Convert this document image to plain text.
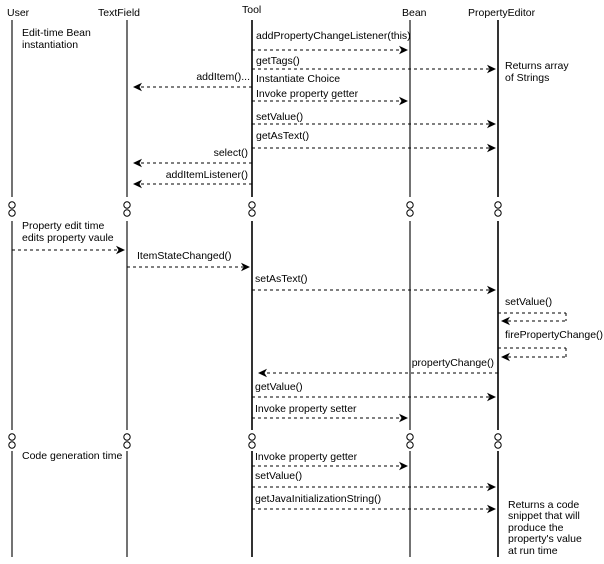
User	TextField	Tool	Bean	PropertyEditor
addPropertyChangeListener(this)
getTags()
Instantiate Choice
addItem()...
Invoke property getter
setValue()
getAsText()
select()
addItemListener()
ItemStateChanged()
setAsText()
setValue()
firePropertyChange()
propertyChange()
getValue()
Invoke property setter
Invoke property getter
setValue()
getJavaInitializationString()
Edit-time Bean
instantiation
Property edit time
edits property vaule
Code generation time
Returns array
of Strings
Returns a code
snippet that will
produce the
property's value
at run time
